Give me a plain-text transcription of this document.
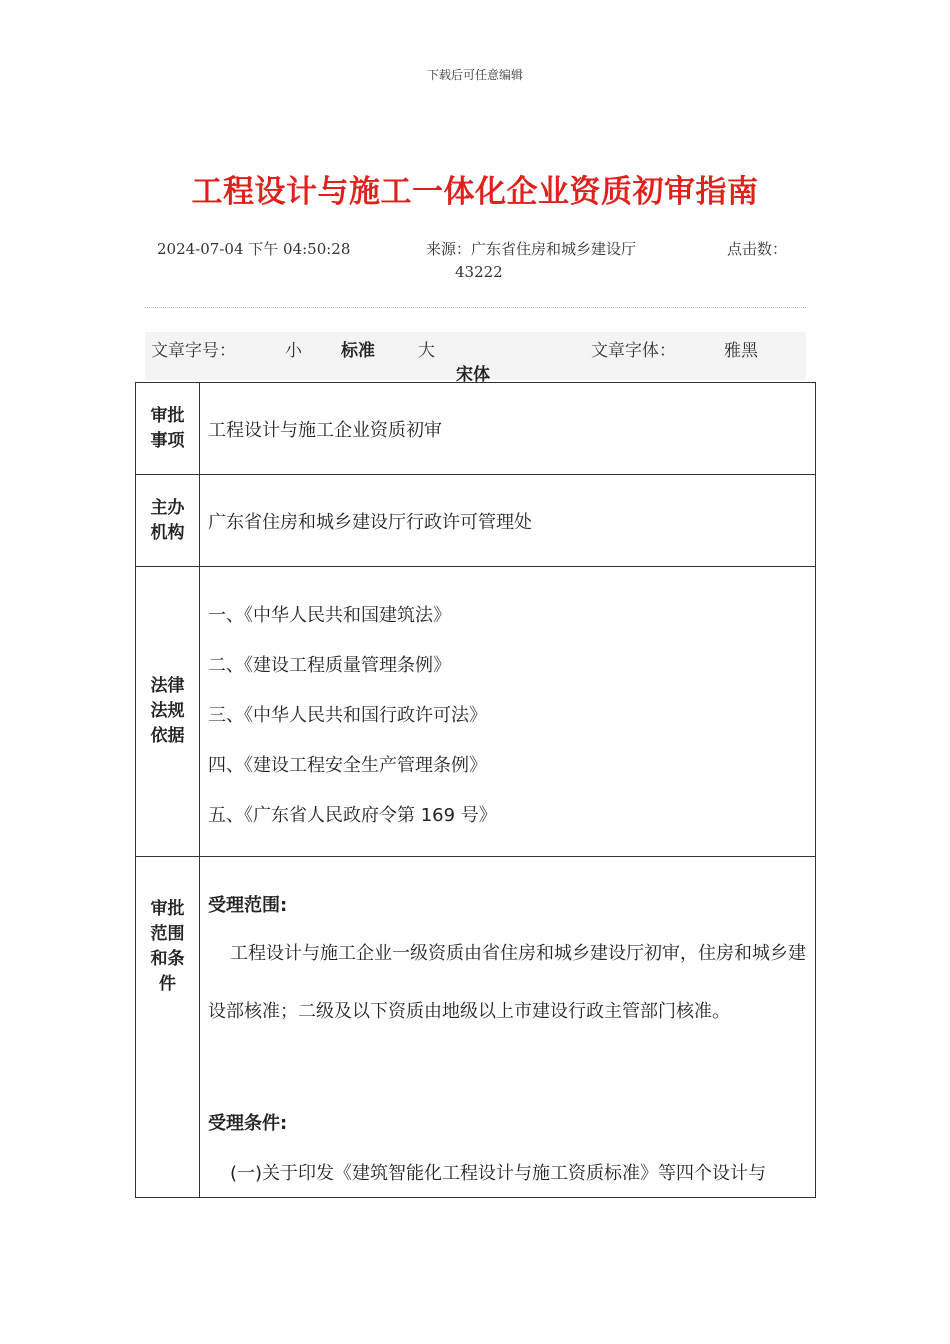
下载后可任意编辑
工程设计与施工一体化企业资质初审指南
2024-07-04 下午 04:50:28	来源：广东省住房和城乡建设厅	点击数：
43222
文章字号：	小 标准	大	文章字体：	雅黑
宋体
审批事项	工程设计与施工企业资质初审

主办机构	广东省住房和城乡建设厅行政许可管理处

法律法规依据	一、《中华人民共和国建筑法》
二、《建设工程质量管理条例》
三、《中华人民共和国行政许可法》
四、《建设工程安全生产管理条例》
五、《广东省人民政府令第 169 号》

审批范围和条件	受理范围:
工程设计与施工企业一级资质由省住房和城乡建设厅初审，住房和城乡建设部核准；二级及以下资质由地级以上市建设行政主管部门核准。
受理条件:
(一)关于印发《建筑智能化工程设计与施工资质标准》等四个设计与
